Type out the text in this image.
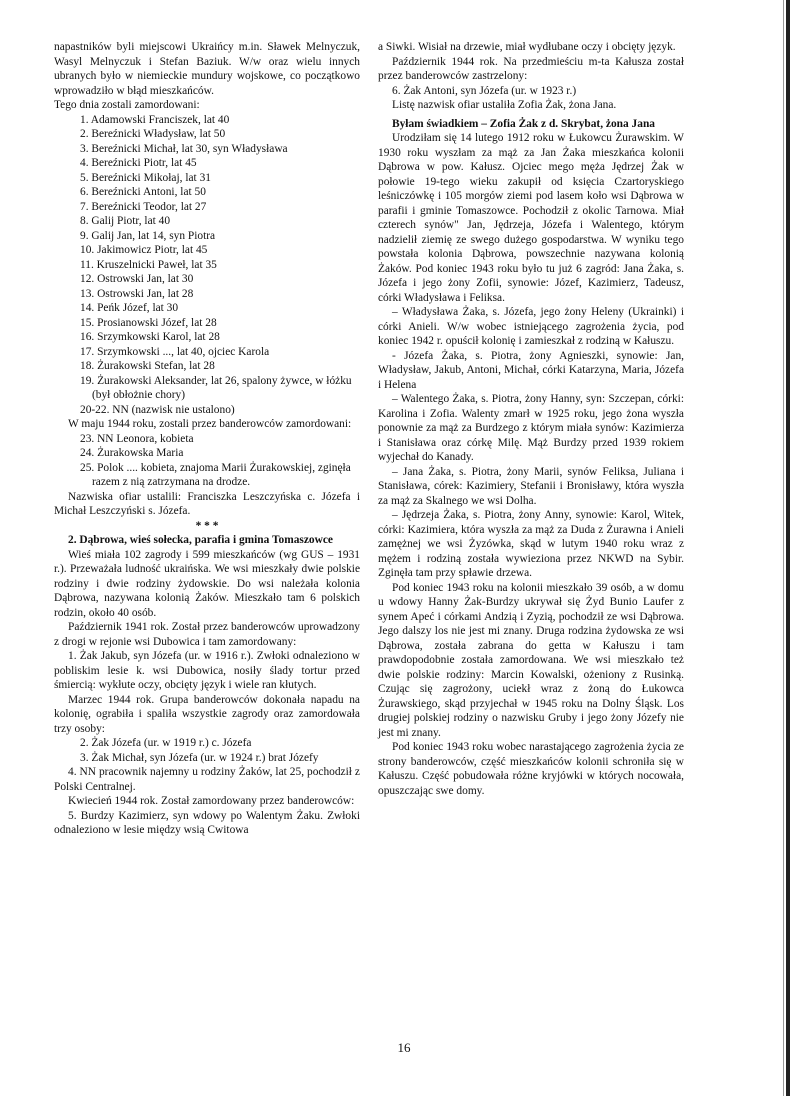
napastników byli miejscowi Ukraińcy m.in. Sławek Melnyczuk, Wasyl Melnyczuk i Stefan Baziuk. W/w oraz wielu innych ubranych było w niemieckie mundury wojskowe, co początkowo wprowadziło w błąd mieszkańców.

Tego dnia zostali zamordowani:

1. Adamowski Franciszek, lat 40

2. Bereźnicki Władysław, lat 50

3. Bereźnicki Michał, lat 30, syn Władysława

4. Bereźnicki Piotr, lat 45

5. Bereźnicki Mikołaj, lat 31

6. Bereźnicki Antoni, lat 50

7. Bereźnicki Teodor, lat 27

8. Galij Piotr, lat 40

9. Galij Jan, lat 14, syn Piotra

10. Jakimowicz Piotr, lat 45

11. Kruszelnicki Paweł, lat 35

12. Ostrowski Jan, lat 30

13. Ostrowski Jan, lat 28

14. Peńk Józef, lat 30

15. Prosianowski Józef, lat 28

16. Srzymkowski Karol, lat 28

17. Srzymkowski ..., lat 40, ojciec Karola

18. Żurakowski Stefan, lat 28

19. Żurakowski Aleksander, lat 26, spalony żywce, w łóżku (był obłożnie chory)

20-22. NN (nazwisk nie ustalono)

W maju 1944 roku, zostali przez banderowców zamordowani:

23. NN Leonora, kobieta

24. Żurakowska Maria

25. Polok .... kobieta, znajoma Marii Żurakowskiej, zginęła razem z nią zatrzymana na drodze.

Nazwiska ofiar ustalili: Franciszka Leszczyńska c. Józefa i Michał Leszczyński s. Józefa.

* * *

2. Dąbrowa, wieś sołecka, parafia i gmina Tomaszowce

Wieś miała 102 zagrody i 599 mieszkańców (wg GUS – 1931 r.). Przeważała ludność ukraińska. We wsi mieszkały dwie polskie rodziny i dwie rodziny żydowskie. Do wsi należała kolonia Dąbrowa, nazywana kolonią Żaków. Mieszkało tam 6 polskich rodzin, około 40 osób.

Październik 1941 rok. Został przez banderowców uprowadzony z drogi w rejonie wsi Dubowica i tam zamordowany:

1. Żak Jakub, syn Józefa (ur. w 1916 r.). Zwłoki odnaleziono w pobliskim lesie k. wsi Dubowica, nosiły ślady tortur przed śmiercią: wykłute oczy, obcięty język i wiele ran kłutych.

Marzec 1944 rok. Grupa banderowców dokonała napadu na kolonię, ograbiła i spaliła wszystkie zagrody oraz zamordowała trzy osoby:

2. Żak Józefa (ur. w 1919 r.) c. Józefa

3. Żak Michał, syn Józefa (ur. w 1924 r.) brat Józefy

4. NN pracownik najemny u rodziny Żaków, lat 25, pochodził z Polski Centralnej.

Kwiecień 1944 rok. Został zamordowany przez banderowców:

5. Burdzy Kazimierz, syn wdowy po Walentym Żaku. Zwłoki odnaleziono w lesie między wsią Cwitowa

a Siwki. Wisiał na drzewie, miał wydłubane oczy i obcięty język.

Październik 1944 rok. Na przedmieściu m-ta Kałusza został przez banderowców zastrzelony:

6. Żak Antoni, syn Józefa (ur. w 1923 r.)

Listę nazwisk ofiar ustaliła Zofia Żak, żona Jana.

Byłam świadkiem – Zofia Żak z d. Skrybat, żona Jana

Urodziłam się 14 lutego 1912 roku w Łukowcu Żurawskim. W 1930 roku wyszłam za mąż za Jan Żaka mieszkańca kolonii Dąbrowa w pow. Kałusz. Ojciec mego męża Jędrzej Żak w połowie 19-tego wieku zakupił od księcia Czartoryskiego leśniczówkę i 105 morgów ziemi pod lasem koło wsi Dąbrowa w parafii i gminie Tomaszowce. Pochodził z okolic Tarnowa. Miał czterech synów" Jan, Jędrzeja, Józefa i Walentego, którym nadzielił ziemię ze swego dużego gospodarstwa. W wyniku tego powstała kolonia Dąbrowa, powszechnie nazywana kolonią Żaków. Pod koniec 1943 roku było tu już 6 zagród: Jana Żaka, s. Józefa i jego żony Zofii, synowie: Józef, Kazimierz, Tadeusz, córki Władysława i Feliksa.

– Władysława Żaka, s. Józefa, jego żony Heleny (Ukrainki) i córki Anieli. W/w wobec istniejącego zagrożenia życia, pod koniec 1942 r. opuścił kolonię i zamieszkał z rodziną w Kałuszu.

- Józefa Żaka, s. Piotra, żony Agnieszki, synowie: Jan, Władysław, Jakub, Antoni, Michał, córki Katarzyna, Maria, Józefa i Helena

– Walentego Żaka, s. Piotra, żony Hanny, syn: Szczepan, córki: Karolina i Zofia. Walenty zmarł w 1925 roku, jego żona wyszła ponownie za mąż za Burdzego z którym miała synów: Kazimierza i Stanisława oraz córkę Milę. Mąż Burdzy przed 1939 rokiem wyjechał do Kanady.

– Jana Żaka, s. Piotra, żony Marii, synów Feliksa, Juliana i Stanisława, córek: Kazimiery, Stefanii i Bronisławy, która wyszła za mąż za Skalnego we wsi Dolha.

– Jędrzeja Żaka, s. Piotra, żony Anny, synowie: Karol, Witek, córki: Kazimiera, która wyszła za mąż za Duda z Żurawna i Anieli zamężnej we wsi Żyzówka, skąd w lutym 1940 roku wraz z mężem i rodziną została wywieziona przez NKWD na Sybir. Zginęła tam przy spławie drzewa.

Pod koniec 1943 roku na kolonii mieszkało 39 osób, a w domu u wdowy Hanny Żak-Burdzy ukrywał się Żyd Bunio Laufer z synem Apeć i córkami Andzią i Zyzią, pochodził ze wsi Dąbrowa. Jego dalszy los nie jest mi znany. Druga rodzina żydowska ze wsi Dąbrowa, została zabrana do getta w Kałuszu i tam prawdopodobnie została zamordowana. We wsi mieszkało też dwie polskie rodziny: Marcin Kowalski, ożeniony z Rusinką. Czując się zagrożony, uciekł wraz z żoną do Łukowca Żurawskiego, skąd przyjechał w 1945 roku na Dolny Śląsk. Los drugiej polskiej rodziny o nazwisku Gruby i jego żony Józefy nie jest mi znany.

Pod koniec 1943 roku wobec narastającego zagrożenia życia ze strony banderowców, część mieszkańców kolonii schroniła się w Kałuszu. Część pobudowała różne kryjówki w których nocowała, opuszczając swe domy.

16
